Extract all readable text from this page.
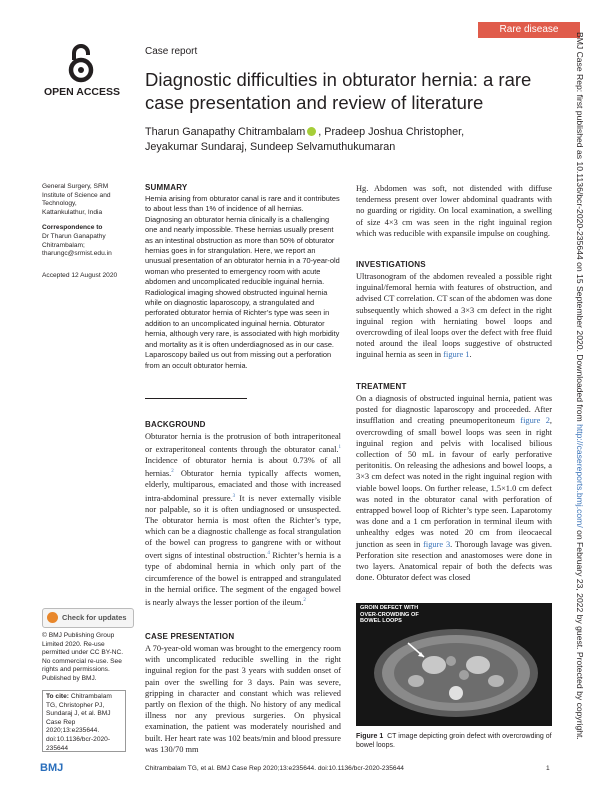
Rare disease
BMJ Case Rep: first published as 10.1136/bcr-2020-235644 on 15 September 2020. Downloaded from http://casereports.bmj.com/ on February 23, 2022 by guest. Protected by copyright.
OPEN ACCESS
Case report
Diagnostic difficulties in obturator hernia: a rare case presentation and review of literature
Tharun Ganapathy Chitrambalam , Pradeep Joshua Christopher,
Jeyakumar Sundaraj, Sundeep Selvamuthukumaran
General Surgery, SRM Institute of Science and Technology, Kattankulathur, India
Correspondence to
Dr Tharun Ganapathy Chitrambalam; tharungc@srmist.edu.in
Accepted 12 August 2020
SUMMARY
Hernia arising from obturator canal is rare and it contributes to about less than 1% of incidence of all hernias. Diagnosing an obturator hernia clinically is a challenging one and nearly impossible. These hernias usually present as an intestinal obstruction as more than 50% of obturator hernias goes in for strangulation. Here, we report an unusual presentation of an obturator hernia in a 70-year-old woman who presented to emergency room with acute abdomen and uncomplicated reducible inguinal hernia. Radiological imaging showed obstructed inguinal hernia while on diagnostic laparoscopy, a strangulated and perforated obturator hernia of Richter’s type was seen in addition to an uncomplicated inguinal hernia. Obturator hernia, although very rare, is associated with high morbidity and mortality as it is often underdiagnosed as in our case. Laparoscopy bailed us out from missing out a perforation from an occult obturator hernia.
BACKGROUND
Obturator hernia is the protrusion of both intraperitoneal or extraperitoneal contents through the obturator canal.$^1$ Incidence of obturator hernia is about 0.73% of all hernias.$^2$ Obturator hernia typically affects women, elderly, multiparous, emaciated and those with increased intra-abdominal pressure.$^3$ It is never externally visible nor palpable, so it is often undiagnosed or unsuspected. The obturator hernia is most often the Richter’s type, which can be a diagnostic challenge as focal strangulation of the bowel can progress to gangrene with or without overt signs of intestinal obstruction.$^4$ Richter’s hernia is a type of abdominal hernia in which only part of the circumference of the bowel is entrapped and strangulated in the hernial orifice. The segment of the engaged bowel is nearly always the lesser portion of the ileum.$^2$
Check for updates
© BMJ Publishing Group Limited 2020. Re-use permitted under CC BY-NC. No commercial re-use. See rights and permissions. Published by BMJ.
To cite: Chitrambalam TG, Christopher PJ, Sundaraj J, et al. BMJ Case Rep 2020;13:e235644. doi:10.1136/bcr-2020-235644
CASE PRESENTATION
A 70-year-old woman was brought to the emergency room with uncomplicated reducible swelling in the right inguinal region for the past 3 years with sudden onset of pain over the swelling for 3 days. Pain was severe, gripping in character and constant which was relieved partly on flexion of the thigh. No history of any medical illness nor any previous surgeries. On physical examination, the patient was moderately nourished and built. Her heart rate was 102 beats/min and blood pressure was 130/70 mm
Hg. Abdomen was soft, not distended with diffuse tenderness present over lower abdominal quadrants with no guarding or rigidity. On local examination, a swelling of size 4×3 cm was seen in the right inguinal region which was reducible with expansile impulse on coughing.
INVESTIGATIONS
Ultrasonogram of the abdomen revealed a possible right inguinal/femoral hernia with features of obstruction, and advised CT correlation. CT scan of the abdomen was done subsequently which showed a 3×3 cm defect in the right inguinal region with herniating bowel loops and overcrowding of ileal loops over the defect with free fluid noted around the ileal loops suggestive of obstructed inguinal hernia as seen in figure 1.
TREATMENT
On a diagnosis of obstructed inguinal hernia, patient was posted for diagnostic laparoscopy and proceeded. After insufflation and creating pneumoperitoneum figure 2, overcrowding of small bowel loops was seen in right inguinal region and pelvis with localised bilious collection of 50 mL in favour of early perforative peritonitis. On releasing the adhesions and bowel loops, a 3×3 cm defect was noted in the right inguinal region with viable bowel loops. On further release, 1.5×1.0 cm defect was noted in the obturator canal with perforation of entrapped bowel loop of Richter’s type seen. Laparotomy was done and a 1 cm perforation in terminal ileum with unhealthy edges was noted 20 cm from ileocaecal junction as seen in figure 3. Thorough lavage was given. Perforation site resection and anastomoses were done in two layers. Anatomical repair of both the defects was done. Obturator defect was closed
GROIN DEFECT WITH OVER-CROWDING OF BOWEL LOOPS
Figure 1 CT image depicting groin defect with overcrowding of bowel loops.
BMJ	Chitrambalam TG, et al. BMJ Case Rep 2020;13:e235644. doi:10.1136/bcr-2020-235644	1
